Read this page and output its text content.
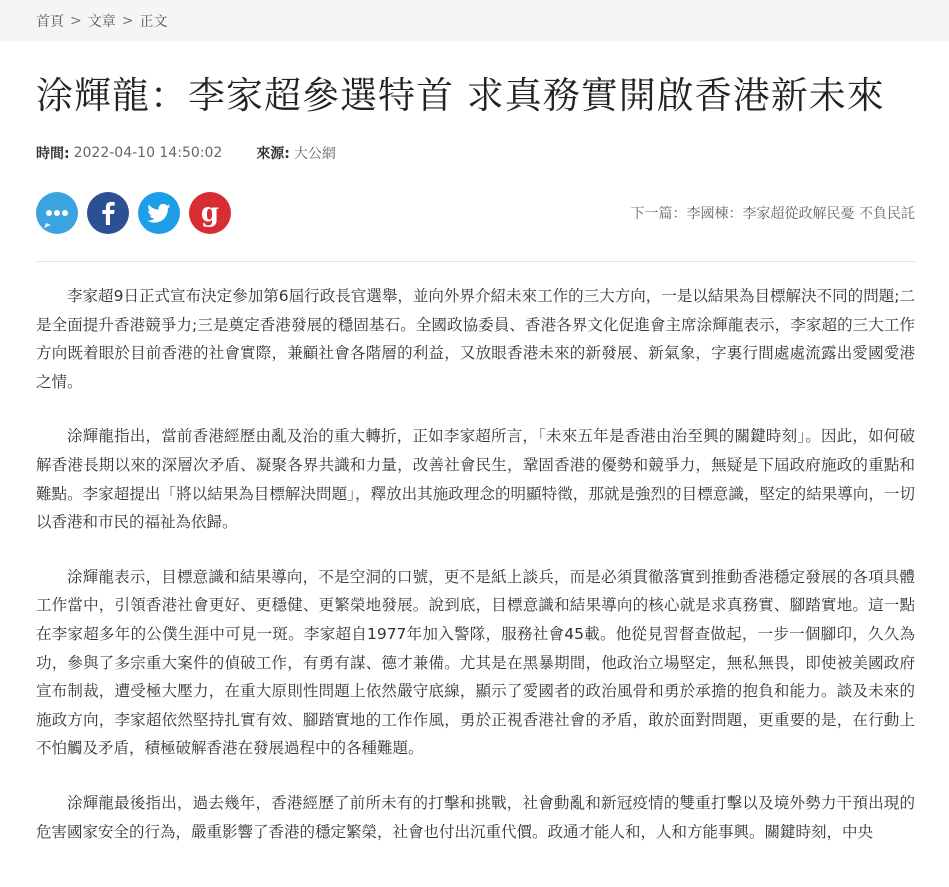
首頁 > 文章 > 正文
涂輝龍：李家超參選特首 求真務實開啟香港新未來
時間: 2022-04-10 14:50:02 來源: 大公網
g	下一篇：李國棟：李家超從政解民憂 不負民託

李家超9日正式宣布決定參加第6屆行政長官選舉，並向外界介紹未來工作的三大方向，一是以結果為目標解決不同的問題;二是全面提升香港競爭力;三是奠定香港發展的穩固基石。全國政協委員、香港各界文化促進會主席涂輝龍表示，李家超的三大工作方向既着眼於目前香港的社會實際，兼顧社會各階層的利益，又放眼香港未來的新發展、新氣象，字裏行間處處流露出愛國愛港之情。

涂輝龍指出，當前香港經歷由亂及治的重大轉折，正如李家超所言，「未來五年是香港由治至興的關鍵時刻」。因此，如何破解香港長期以來的深層次矛盾、凝聚各界共識和力量，改善社會民生，鞏固香港的優勢和競爭力，無疑是下屆政府施政的重點和難點。李家超提出「將以結果為目標解決問題」，釋放出其施政理念的明顯特徵，那就是強烈的目標意識，堅定的結果導向，一切以香港和市民的福祉為依歸。

涂輝龍表示，目標意識和結果導向，不是空洞的口號，更不是紙上談兵，而是必須貫徹落實到推動香港穩定發展的各項具體工作當中，引領香港社會更好、更穩健、更繁榮地發展。說到底，目標意識和結果導向的核心就是求真務實、腳踏實地。這一點在李家超多年的公僕生涯中可見一斑。李家超自1977年加入警隊，服務社會45載。他從見習督查做起，一步一個腳印，久久為功，參與了多宗重大案件的偵破工作，有勇有謀、德才兼備。尤其是在黑暴期間，他政治立場堅定，無私無畏，即使被美國政府宣布制裁，遭受極大壓力，在重大原則性問題上依然嚴守底線，顯示了愛國者的政治風骨和勇於承擔的抱負和能力。談及未來的施政方向，李家超依然堅持扎實有效、腳踏實地的工作作風，勇於正視香港社會的矛盾，敢於面對問題，更重要的是，在行動上不怕觸及矛盾，積極破解香港在發展過程中的各種難題。

涂輝龍最後指出，過去幾年，香港經歷了前所未有的打擊和挑戰，社會動亂和新冠疫情的雙重打擊以及境外勢力干預出現的危害國家安全的行為，嚴重影響了香港的穩定繁榮，社會也付出沉重代價。政通才能人和，人和方能事興。關鍵時刻，中央
